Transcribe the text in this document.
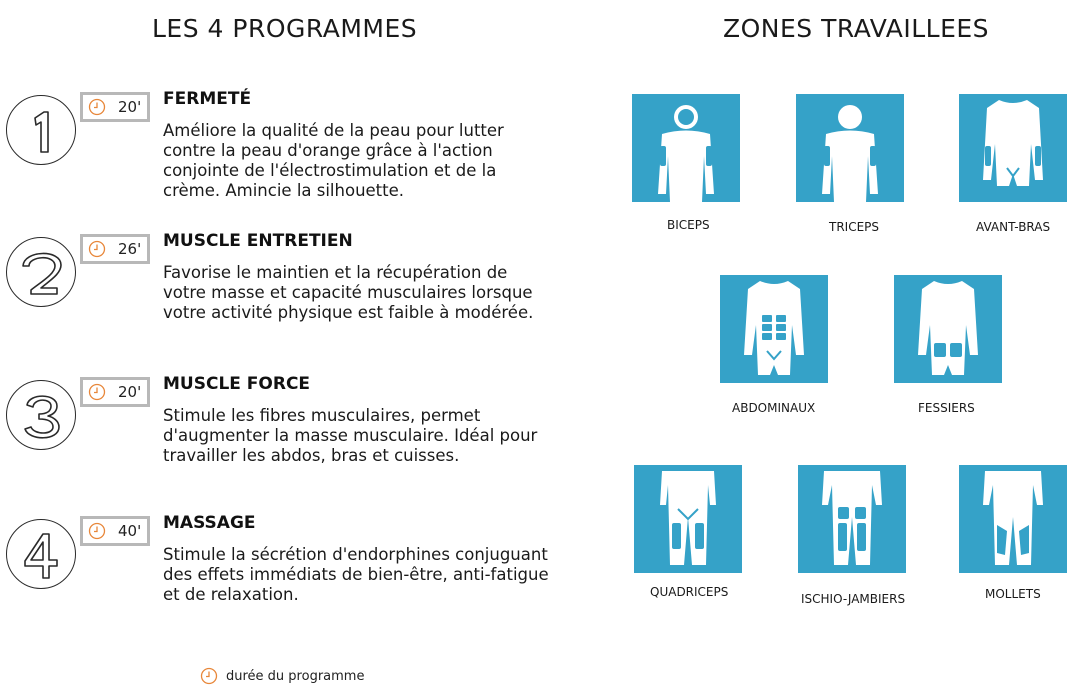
LES 4 PROGRAMMES	ZONES TRAVAILLEES
20' FERMETÉ

Améliore la qualité de la peau pour lutter contre la peau d'orange grâce à l'action conjointe de l'électrostimulation et de la crème. Amincie la silhouette.

26' MUSCLE ENTRETIEN

Favorise le maintien et la récupération de votre masse et capacité musculaires lorsque votre activité physique est faible à modérée.

20' MUSCLE FORCE

Stimule les fibres musculaires, permet d'augmenter la masse musculaire. Idéal pour travailler les abdos, bras et cuisses.

40' MASSAGE

Stimule la sécrétion d'endorphines conjuguant des effets immédiats de bien-être, anti-fatigue et de relaxation.

durée du programme
BICEPS	TRICEPS	AVANT-BRAS
ABDOMINAUX	FESSIERS
QUADRICEPS	ISCHIO-JAMBIERS	MOLLETS
